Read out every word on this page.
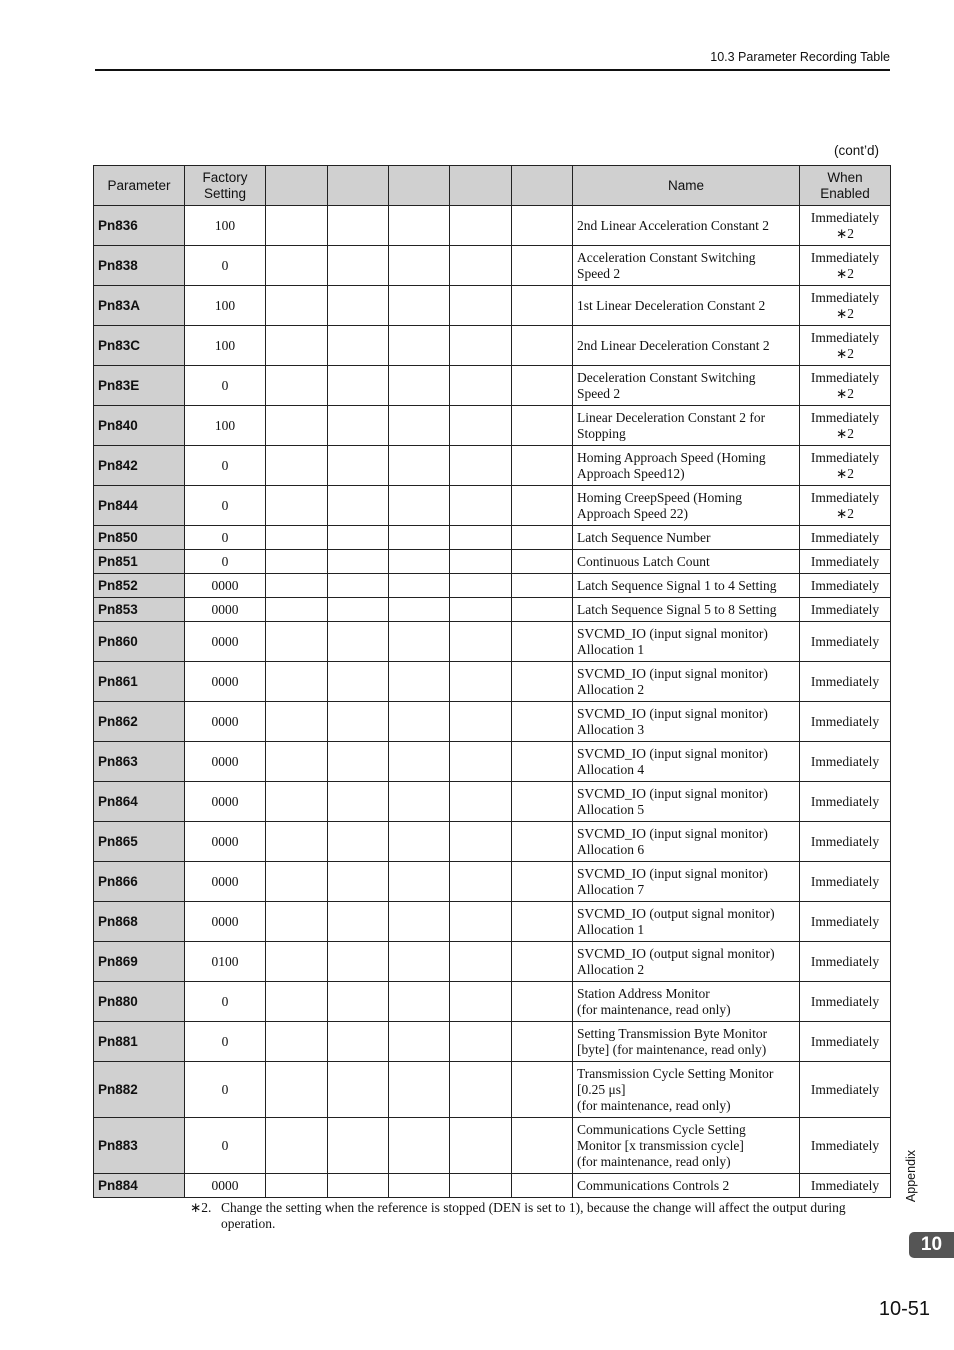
10.3 Parameter Recording Table
(cont’d)
Parameter	Factory
Setting						Name	When
Enabled
Pn836	100						2nd Linear Acceleration Constant 2	Immediately
∗2
Pn838	0						Acceleration Constant Switching
Speed 2	Immediately
∗2
Pn83A	100						1st Linear Deceleration Constant 2	Immediately
∗2
Pn83C	100						2nd Linear Deceleration Constant 2	Immediately
∗2
Pn83E	0						Deceleration Constant Switching
Speed 2	Immediately
∗2
Pn840	100						Linear Deceleration Constant 2 for
Stopping	Immediately
∗2
Pn842	0						Homing Approach Speed (Homing
Approach Speed12)	Immediately
∗2
Pn844	0						Homing CreepSpeed (Homing
Approach Speed 22)	Immediately
∗2
Pn850	0						Latch Sequence Number	Immediately
Pn851	0						Continuous Latch Count	Immediately
Pn852	0000						Latch Sequence Signal 1 to 4 Setting	Immediately
Pn853	0000						Latch Sequence Signal 5 to 8 Setting	Immediately
Pn860	0000						SVCMD_IO (input signal monitor)
Allocation 1	Immediately
Pn861	0000						SVCMD_IO (input signal monitor)
Allocation 2	Immediately
Pn862	0000						SVCMD_IO (input signal monitor)
Allocation 3	Immediately
Pn863	0000						SVCMD_IO (input signal monitor)
Allocation 4	Immediately
Pn864	0000						SVCMD_IO (input signal monitor)
Allocation 5	Immediately
Pn865	0000						SVCMD_IO (input signal monitor)
Allocation 6	Immediately
Pn866	0000						SVCMD_IO (input signal monitor)
Allocation 7	Immediately
Pn868	0000						SVCMD_IO (output signal monitor)
Allocation 1	Immediately
Pn869	0100						SVCMD_IO (output signal monitor)
Allocation 2	Immediately
Pn880	0						Station Address Monitor
(for maintenance, read only)	Immediately
Pn881	0						Setting Transmission Byte Monitor
[byte] (for maintenance, read only)	Immediately
Pn882	0						Transmission Cycle Setting Monitor
[0.25 μs]
(for maintenance, read only)	Immediately
Pn883	0						Communications Cycle Setting
Monitor [x transmission cycle]
(for maintenance, read only)	Immediately
Pn884	0000						Communications Controls 2	Immediately
∗2. Change the setting when the reference is stopped (DEN is set to 1), because the change will affect the output during operation.
Appendix
10
10-51
